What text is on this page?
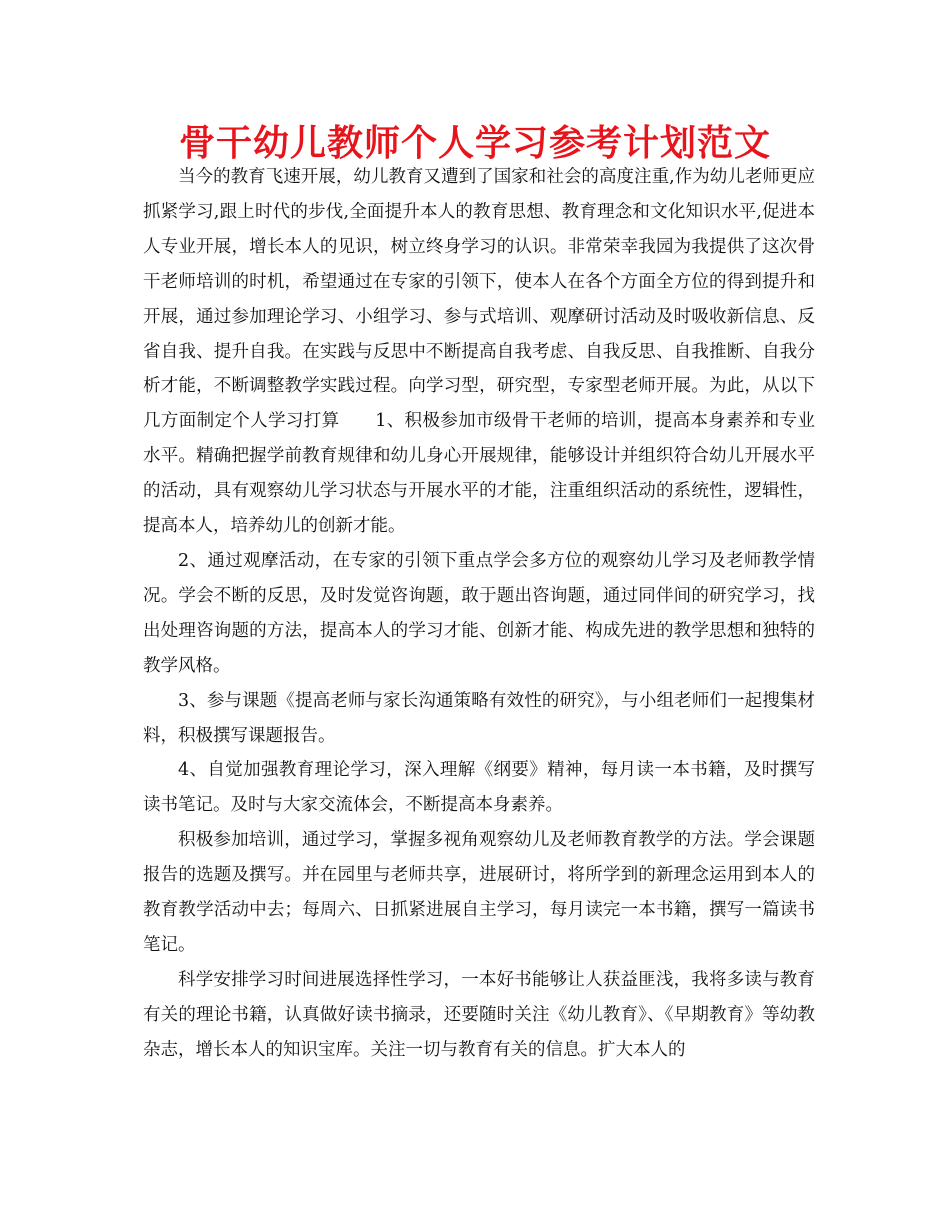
骨干幼儿教师个人学习参考计划范文

当今的教育飞速开展，幼儿教育又遭到了国家和社会的高度注重,作为幼儿老师更应抓紧学习,跟上时代的步伐,全面提升本人的教育思想、教育理念和文化知识水平,促进本人专业开展，增长本人的见识，树立终身学习的认识。非常荣幸我园为我提供了这次骨干老师培训的时机，希望通过在专家的引领下，使本人在各个方面全方位的得到提升和开展，通过参加理论学习、小组学习、参与式培训、观摩研讨活动及时吸收新信息、反省自我、提升自我。在实践与反思中不断提高自我考虑、自我反思、自我推断、自我分析才能，不断调整教学实践过程。向学习型，研究型，专家型老师开展。为此，从以下几方面制定个人学习打算　　1、积极参加市级骨干老师的培训，提高本身素养和专业水平。精确把握学前教育规律和幼儿身心开展规律，能够设计并组织符合幼儿开展水平的活动，具有观察幼儿学习状态与开展水平的才能，注重组织活动的系统性，逻辑性，提高本人，培养幼儿的创新才能。

2、通过观摩活动，在专家的引领下重点学会多方位的观察幼儿学习及老师教学情况。学会不断的反思，及时发觉咨询题，敢于题出咨询题，通过同伴间的研究学习，找出处理咨询题的方法，提高本人的学习才能、创新才能、构成先进的教学思想和独特的教学风格。

3、参与课题《提高老师与家长沟通策略有效性的研究》，与小组老师们一起搜集材料，积极撰写课题报告。

4、自觉加强教育理论学习，深入理解《纲要》精神，每月读一本书籍，及时撰写读书笔记。及时与大家交流体会，不断提高本身素养。

积极参加培训，通过学习，掌握多视角观察幼儿及老师教育教学的方法。学会课题报告的选题及撰写。并在园里与老师共享，进展研讨，将所学到的新理念运用到本人的教育教学活动中去；每周六、日抓紧进展自主学习，每月读完一本书籍，撰写一篇读书笔记。

科学安排学习时间进展选择性学习，一本好书能够让人获益匪浅，我将多读与教育有关的理论书籍，认真做好读书摘录，还要随时关注《幼儿教育》、《早期教育》等幼教杂志，增长本人的知识宝库。关注一切与教育有关的信息。扩大本人的
